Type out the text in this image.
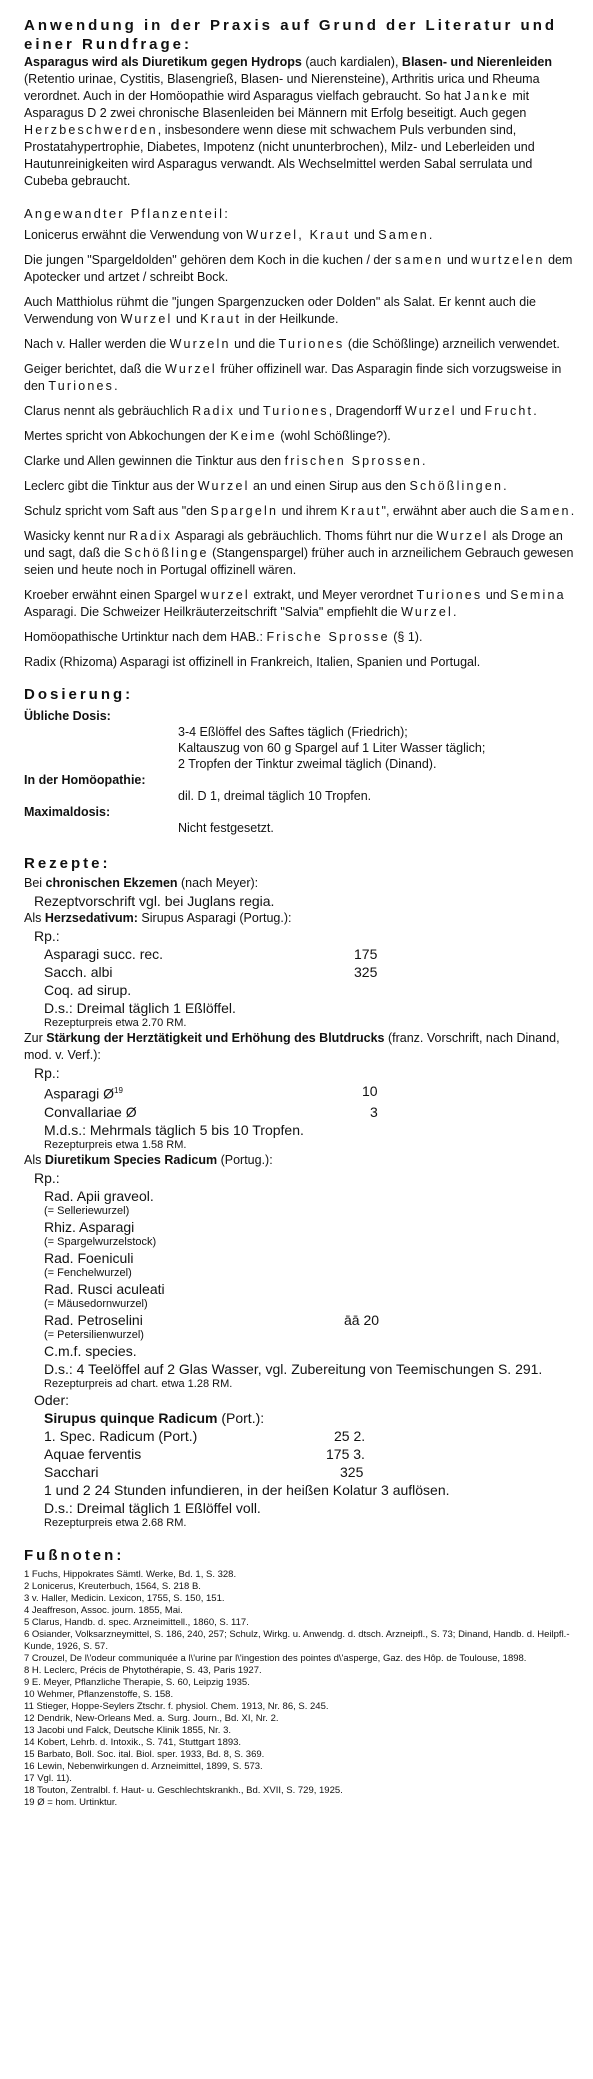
Anwendung in der Praxis auf Grund der Literatur und einer Rundfrage:

Asparagus wird als Diuretikum gegen Hydrops (auch kardialen), Blasen- und Nierenleiden (Retentio urinae, Cystitis, Blasengrieß, Blasen- und Nierensteine), Arthritis urica und Rheuma verordnet. Auch in der Homöopathie wird Asparagus vielfach gebraucht. So hat Janke mit Asparagus D 2 zwei chronische Blasenleiden bei Männern mit Erfolg beseitigt. Auch gegen Herzbeschwerden, insbesondere wenn diese mit schwachem Puls verbunden sind, Prostatahypertrophie, Diabetes, Impotenz (nicht ununterbrochen), Milz- und Leberleiden und Hautunreinigkeiten wird Asparagus verwandt. Als Wechselmittel werden Sabal serrulata und Cubeba gebraucht.

Angewandter Pflanzenteil:

Lonicerus erwähnt die Verwendung von Wurzel, Kraut und Samen.

Die jungen "Spargeldolden" gehören dem Koch in die kuchen / der samen und wurtzelen dem Apotecker und artzet / schreibt Bock.

Auch Matthiolus rühmt die "jungen Spargenzucken oder Dolden" als Salat. Er kennt auch die Verwendung von Wurzel und Kraut in der Heilkunde.

Nach v. Haller werden die Wurzeln und die Turiones (die Schößlinge) arzneilich verwendet.

Geiger berichtet, daß die Wurzel früher offizinell war. Das Asparagin finde sich vorzugsweise in den Turiones.

Clarus nennt als gebräuchlich Radix und Turiones, Dragendorff Wurzel und Frucht.

Mertes spricht von Abkochungen der Keime (wohl Schößlinge?).

Clarke und Allen gewinnen die Tinktur aus den frischen Sprossen.

Leclerc gibt die Tinktur aus der Wurzel an und einen Sirup aus den Schößlingen.

Schulz spricht vom Saft aus "den Spargeln und ihrem Kraut", erwähnt aber auch die Samen.

Wasicky kennt nur Radix Asparagi als gebräuchlich. Thoms führt nur die Wurzel als Droge an und sagt, daß die Schößlinge (Stangenspargel) früher auch in arzneilichem Gebrauch gewesen seien und heute noch in Portugal offizinell wären.

Kroeber erwähnt einen Spargel wurzel extrakt, und Meyer verordnet Turiones und Semina Asparagi. Die Schweizer Heilkräuterzeitschrift "Salvia" empfiehlt die Wurzel.

Homöopathische Urtinktur nach dem HAB.: Frische Sprosse (§ 1).

Radix (Rhizoma) Asparagi ist offizinell in Frankreich, Italien, Spanien und Portugal.

Dosierung:
Übliche Dosis:
3-4 Eßlöffel des Saftes täglich (Friedrich);
Kaltauszug von 60 g Spargel auf 1 Liter Wasser täglich;
2 Tropfen der Tinktur zweimal täglich (Dinand).
In der Homöopathie:
dil. D 1, dreimal täglich 10 Tropfen.
Maximaldosis:
Nicht festgesetzt.
Rezepte:
Bei chronischen Ekzemen (nach Meyer):
Rezeptvorschrift vgl. bei Juglans regia.
Als Herzsedativum: Sirupus Asparagi (Portug.):
Rp.:
Asparagi succ. rec.	175
Sacch. albi	325
Coq. ad sirup.
D.s.: Dreimal täglich 1 Eßlöffel.
Rezepturpreis etwa 2.70 RM.
Zur Stärkung der Herztätigkeit und Erhöhung des Blutdrucks (franz. Vorschrift, nach Dinand, mod. v. Verf.):
Rp.:
Asparagi $Ø^{19}$	10
Convallariae Ø	3
M.d.s.: Mehrmals täglich 5 bis 10 Tropfen.
Rezepturpreis etwa 1.58 RM.
Als Diuretikum Species Radicum (Portug.):
Rp.:
Rad. Apii graveol.
(= Selleriewurzel)
Rhiz. Asparagi
(= Spargelwurzelstock)
Rad. Foeniculi
(= Fenchelwurzel)
Rad. Rusci aculeati
(= Mäusedornwurzel)
Rad. Petroselini	āā 20
(= Petersilienwurzel)
C.m.f. species.
D.s.: 4 Teelöffel auf 2 Glas Wasser, vgl. Zubereitung von Teemischungen S. 291.
Rezepturpreis ad chart. etwa 1.28 RM.
Oder:
Sirupus quinque Radicum (Port.):
1. Spec. Radicum (Port.)	25 2.
Aquae ferventis	175 3.
Sacchari	325
1 und 2 24 Stunden infundieren, in der heißen Kolatur 3 auflösen.
D.s.: Dreimal täglich 1 Eßlöffel voll.
Rezepturpreis etwa 2.68 RM.
Fußnoten:
1 Fuchs, Hippokrates Sämtl. Werke, Bd. 1, S. 328.
2 Lonicerus, Kreuterbuch, 1564, S. 218 B.
3 v. Haller, Medicin. Lexicon, 1755, S. 150, 151.
4 Jeaffreson, Assoc. journ. 1855, Mai.
5 Clarus, Handb. d. spec. Arzneimittell., 1860, S. 117.
6 Osiander, Volksarzneymittel, S. 186, 240, 257; Schulz, Wirkg. u. Anwendg. d. dtsch. Arzneipfl., S. 73; Dinand, Handb. d. Heilpfl.-Kunde, 1926, S. 57.
7 Crouzel, De l\'odeur communiquée a l\'urine par l\'ingestion des pointes d\'asperge, Gaz. des Hôp. de Toulouse, 1898.
8 H. Leclerc, Précis de Phytothérapie, S. 43, Paris 1927.
9 E. Meyer, Pflanzliche Therapie, S. 60, Leipzig 1935.
10 Wehmer, Pflanzenstoffe, S. 158.
11 Stieger, Hoppe-Seylers Ztschr. f. physiol. Chem. 1913, Nr. 86, S. 245.
12 Dendrik, New-Orleans Med. a. Surg. Journ., Bd. XI, Nr. 2.
13 Jacobi und Falck, Deutsche Klinik 1855, Nr. 3.
14 Kobert, Lehrb. d. Intoxik., S. 741, Stuttgart 1893.
15 Barbato, Boll. Soc. ital. Biol. sper. 1933, Bd. 8, S. 369.
16 Lewin, Nebenwirkungen d. Arzneimittel, 1899, S. 573.
17 Vgl. 11).
18 Touton, Zentralbl. f. Haut- u. Geschlechtskrankh., Bd. XVII, S. 729, 1925.
19 Ø = hom. Urtinktur.
